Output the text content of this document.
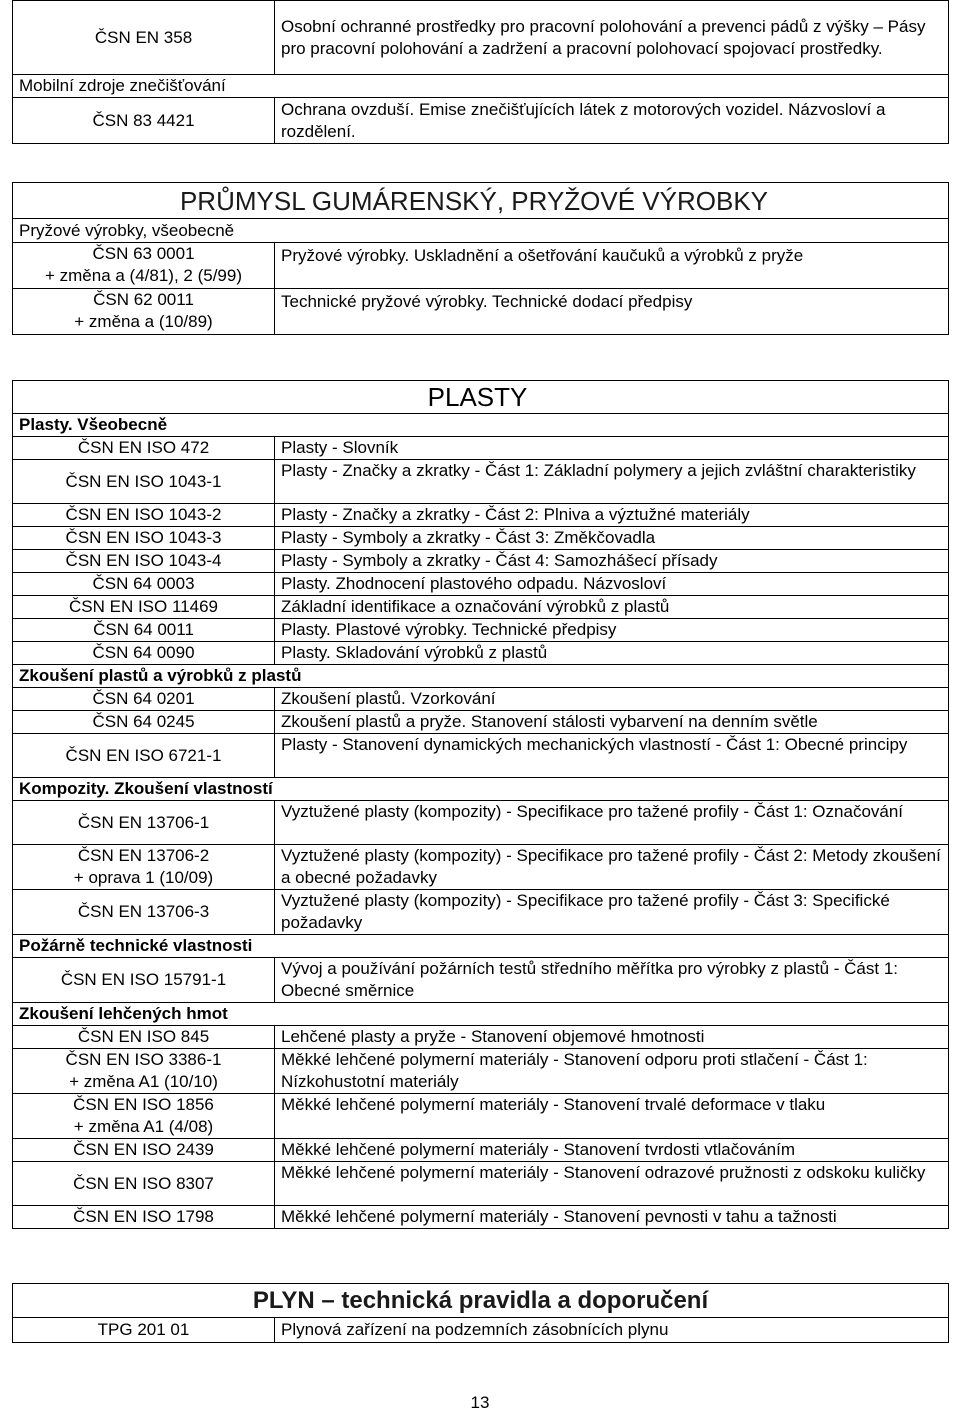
ČSN EN 358	Osobní ochranné prostředky pro pracovní polohování a prevenci pádů z výšky – Pásy pro pracovní polohování a zadržení a pracovní polohovací spojovací prostředky.
Mobilní zdroje znečišťování	
ČSN 83 4421	Ochrana ovzduší. Emise znečišťujících látek z motorových vozidel. Názvosloví a rozdělení.
PRŮMYSL GUMÁRENSKÝ, PRYŽOVÉ VÝROBKY	
Pryžové výrobky, všeobecně	

ČSN 63 0001
+ změna a (4/81), 2 (5/99)	Pryžové výrobky. Uskladnění a ošetřování kaučuků a výrobků z pryže

ČSN 62 0011
+ změna a (10/89)	Technické pryžové výrobky. Technické dodací předpisy
PLASTY	
Plasty. Všeobecně	
ČSN EN ISO 472	Plasty - Slovník
ČSN EN ISO 1043-1	Plasty - Značky a zkratky - Část 1: Základní polymery a jejich zvláštní charakteristiky
ČSN EN ISO 1043-2	Plasty - Značky a zkratky - Část 2: Plniva a výztužné materiály
ČSN EN ISO 1043-3	Plasty - Symboly a zkratky - Část 3: Změkčovadla
ČSN EN ISO 1043-4	Plasty - Symboly a zkratky - Část 4: Samozhášecí přísady
ČSN 64 0003	Plasty. Zhodnocení plastového odpadu. Názvosloví
ČSN EN ISO 11469	Základní identifikace a označování výrobků z plastů
ČSN 64 0011	Plasty. Plastové výrobky. Technické předpisy
ČSN 64 0090	Plasty. Skladování výrobků z plastů
Zkoušení plastů a výrobků z plastů	
ČSN 64 0201	Zkoušení plastů. Vzorkování
ČSN 64 0245	Zkoušení plastů a pryže. Stanovení stálosti vybarvení na denním světle
ČSN EN ISO 6721-1	Plasty - Stanovení dynamických mechanických vlastností - Část 1: Obecné principy
Kompozity. Zkoušení vlastností	
ČSN EN 13706-1	Vyztužené plasty (kompozity) - Specifikace pro tažené profily - Část 1: Označování

ČSN EN 13706-2
+ oprava 1 (10/09)	Vyztužené plasty (kompozity) - Specifikace pro tažené profily - Část 2: Metody zkoušení a obecné požadavky
ČSN EN 13706-3	Vyztužené plasty (kompozity) - Specifikace pro tažené profily - Část 3: Specifické požadavky
Požárně technické vlastnosti	
ČSN EN ISO 15791-1	Vývoj a používání požárních testů středního měřítka pro výrobky z plastů - Část 1: Obecné směrnice
Zkoušení lehčených hmot	
ČSN EN ISO 845	Lehčené plasty a pryže - Stanovení objemové hmotnosti

ČSN EN ISO 3386-1
+ změna A1 (10/10)	Měkké lehčené polymerní materiály - Stanovení odporu proti stlačení - Část 1: Nízkohustotní materiály

ČSN EN ISO 1856
+ změna A1 (4/08)	Měkké lehčené polymerní materiály - Stanovení trvalé deformace v tlaku
ČSN EN ISO 2439	Měkké lehčené polymerní materiály - Stanovení tvrdosti vtlačováním
ČSN EN ISO 8307	Měkké lehčené polymerní materiály - Stanovení odrazové pružnosti z odskoku kuličky
ČSN EN ISO 1798	Měkké lehčené polymerní materiály - Stanovení pevnosti v tahu a tažnosti
PLYN – technická pravidla a doporučení
TPG 201 01	Plynová zařízení na podzemních zásobnících plynu
13
